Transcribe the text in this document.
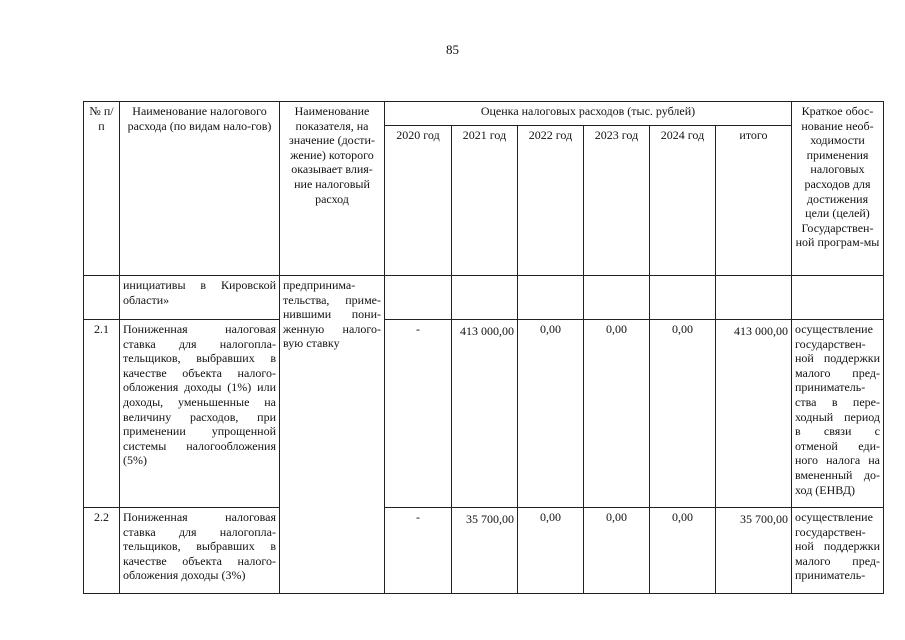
85
№ п/п	Наименование налогового расхода (по видам нало-гов)	Наименование показателя, на значение (дости-жение) которого оказывает влия-ние налоговый расход	Оценка налоговых расходов (тыс. рублей)						Краткое обос-нование необ-ходимости применения налоговых расходов для достижения цели (целей) Государствен-ной програм-мы
			2020 год	2021 год	2022 год	2023 год	2024 год	итого	
	инициативы в Кировской области»	предпринима-тельства, приме-нившими пони-женную налого-вую ставку							
2.1	Пониженная налоговая ставка для налогопла-тельщиков, выбравших в качестве объекта налого-обложения доходы (1%) или доходы, уменьшенные на величину расходов, при применении упрощенной системы налогообложения (5%)		-	413 000,00	0,00	0,00	0,00	413 000,00	осуществление государствен-ной поддержки малого пред-приниматель-ства в пере-ходный период в связи с отменой еди-ного налога на вмененный до-ход (ЕНВД)
2.2	Пониженная налоговая ставка для налогопла-тельщиков, выбравших в качестве объекта налого-обложения доходы (3%)		-	35 700,00	0,00	0,00	0,00	35 700,00	осуществление государствен-ной поддержки малого пред-приниматель-
